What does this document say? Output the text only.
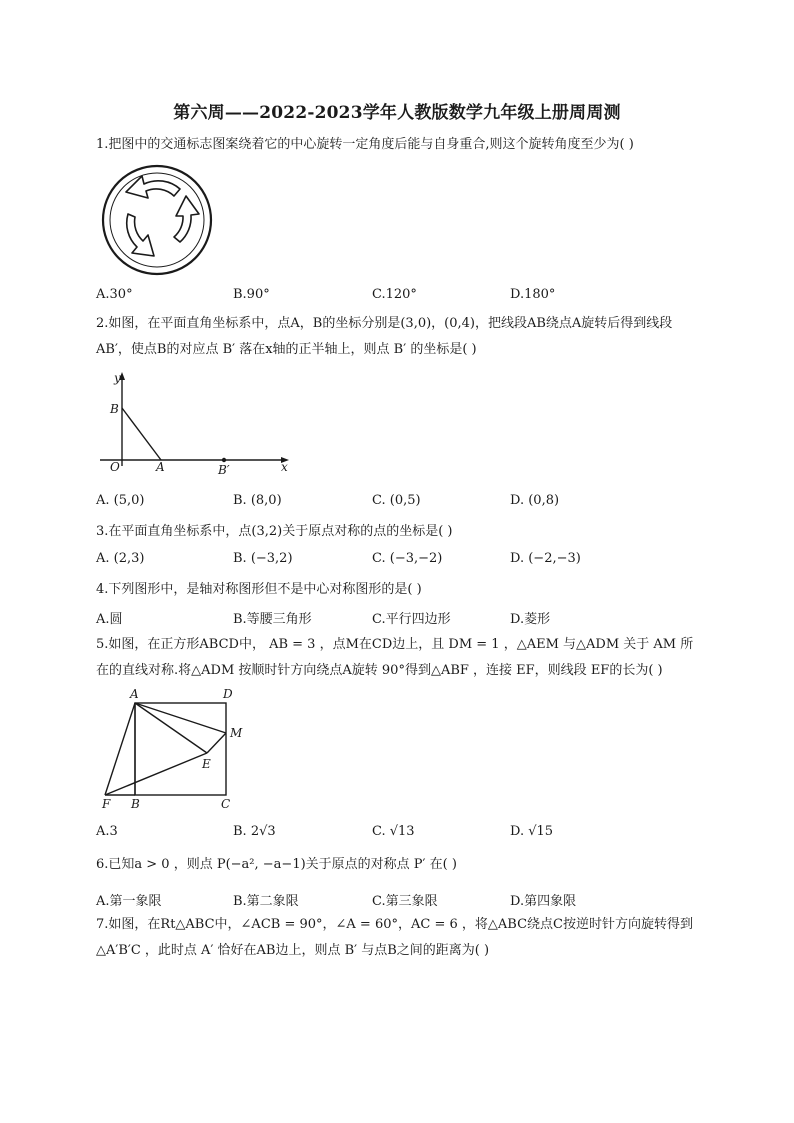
第六周——2022-2023学年人教版数学九年级上册周周测
1.把图中的交通标志图案绕着它的中心旋转一定角度后能与自身重合,则这个旋转角度至少为( )
A.30°	B.90°	C.120°	D.180°
2.如图，在平面直角坐标系中，点A，B的坐标分别是(3,0)，(0,4)，把线段AB绕点A旋转后得到线段AB′，使点B的对应点 B′ 落在x轴的正半轴上，则点 B′ 的坐标是( )
y
B
O	A	B′	x
A. (5,0)	B. (8,0)	C. (0,5)	D. (0,8)
3.在平面直角坐标系中，点(3,2)关于原点对称的点的坐标是( )
A. (2,3)	B. (−3,2)	C. (−3,−2)	D. (−2,−3)
4.下列图形中，是轴对称图形但不是中心对称图形的是( )
A.圆	B.等腰三角形	C.平行四边形	D.菱形
5.如图，在正方形ABCD中， AB = 3 ，点M在CD边上，且 DM = 1 ，△AEM 与△ADM 关于 AM 所在的直线对称.将△ADM 按顺时针方向绕点A旋转 90°得到△ABF ，连接 EF，则线段 EF的长为( )
A	D
M
E
F B	C
A.3	B. 2√3	C. √13	D. √15
6.已知a > 0 ，则点 P(−a², −a−1)关于原点的对称点 P′ 在( )
A.第一象限	B.第二象限	C.第三象限	D.第四象限
7.如图，在Rt△ABC中，∠ACB = 90°，∠A = 60°，AC = 6 ，将△ABC绕点C按逆时针方向旋转得到△A′B′C ，此时点 A′ 恰好在AB边上，则点 B′ 与点B之间的距离为( )
